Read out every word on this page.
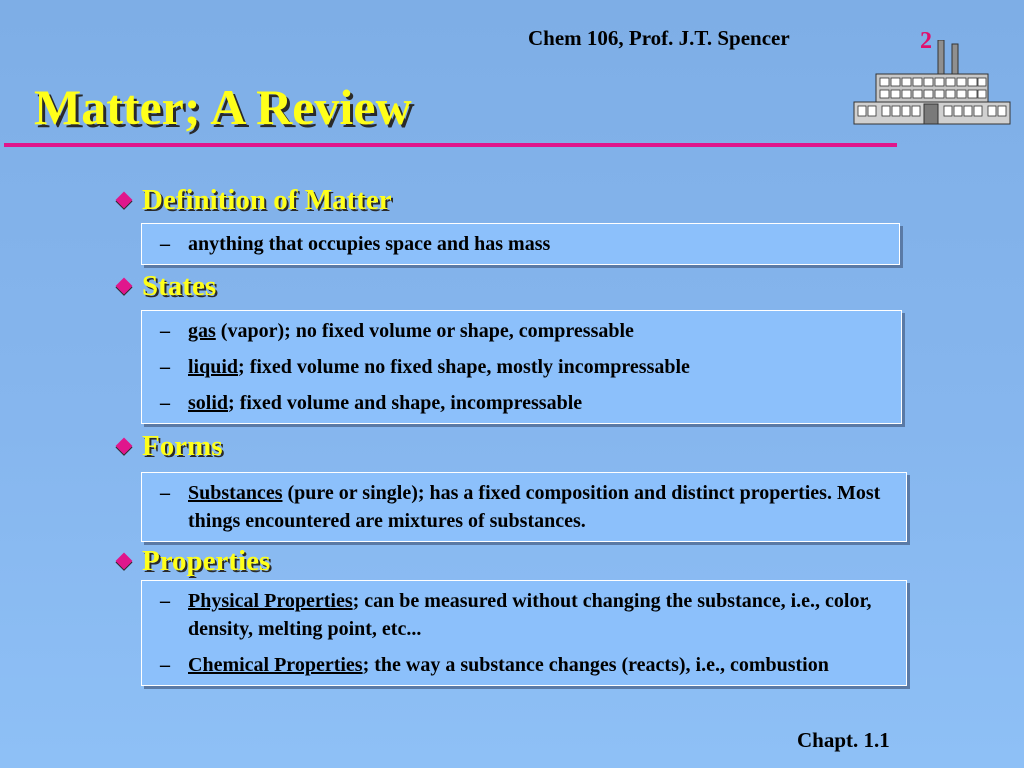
Chem 106, Prof. J.T. Spencer	2
Matter; A Review
Definition of Matter
– anything that occupies space and has mass
States
– gas (vapor); no fixed volume or shape, compressable
– liquid; fixed volume no fixed shape, mostly incompressable
– solid; fixed volume and shape, incompressable
Forms
– Substances (pure or single); has a fixed composition and distinct properties. Most things encountered are mixtures of substances.
Properties
– Physical Properties; can be measured without changing the substance, i.e., color, density, melting point, etc...
– Chemical Properties; the way a substance changes (reacts), i.e., combustion
Chapt. 1.1
